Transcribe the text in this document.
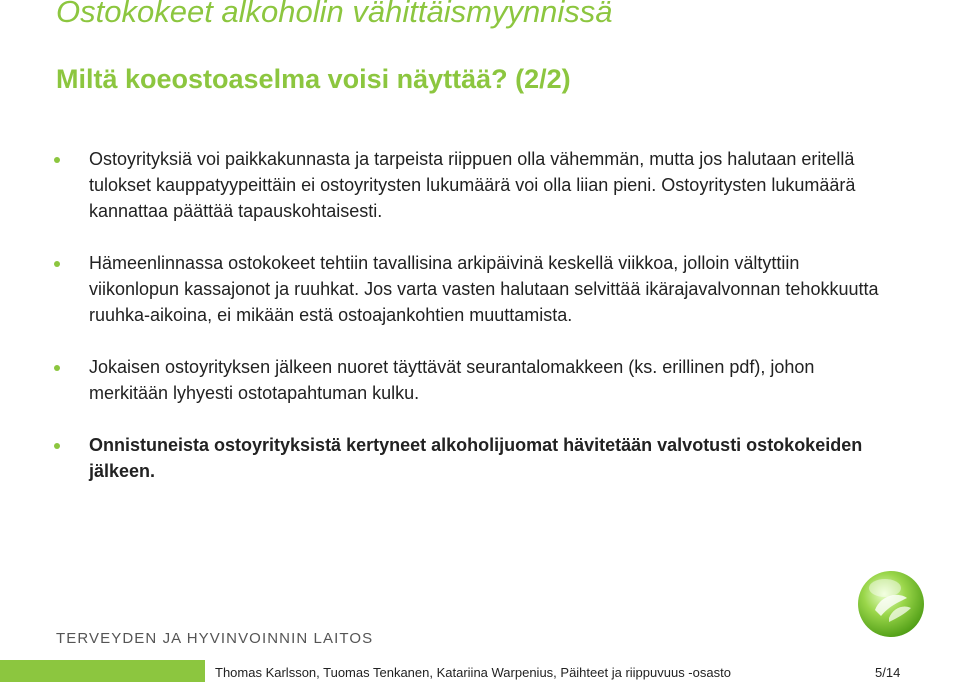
Ostokokeet alkoholin vähittäismyynnissä
Miltä koeostoaselma voisi näyttää? (2/2)
Ostoyrityksiä voi paikkakunnasta ja tarpeista riippuen olla vähemmän, mutta jos halutaan eritellä tulokset kauppatyypeittäin ei ostoyritysten lukumäärä voi olla liian pieni. Ostoyritysten lukumäärä kannattaa päättää tapauskohtaisesti.
Hämeenlinnassa ostokokeet tehtiin tavallisina arkipäivinä keskellä viikkoa, jolloin vältyttiin viikonlopun kassajonot ja ruuhkat. Jos varta vasten halutaan selvittää ikärajavalvonnan tehokkuutta ruuhka-aikoina, ei mikään estä ostoajankohtien muuttamista.
Jokaisen ostoyrityksen jälkeen nuoret täyttävät seurantalomakkeen (ks. erillinen pdf), johon merkitään lyhyesti ostotapahtuman kulku.
Onnistuneista ostoyrityksistä kertyneet alkoholijuomat hävitetään valvotusti ostokokeiden jälkeen.
TERVEYDEN JA HYVINVOINNIN LAITOS
Thomas Karlsson, Tuomas Tenkanen, Katariina Warpenius, Päihteet ja riippuvuus -osasto	5/14
